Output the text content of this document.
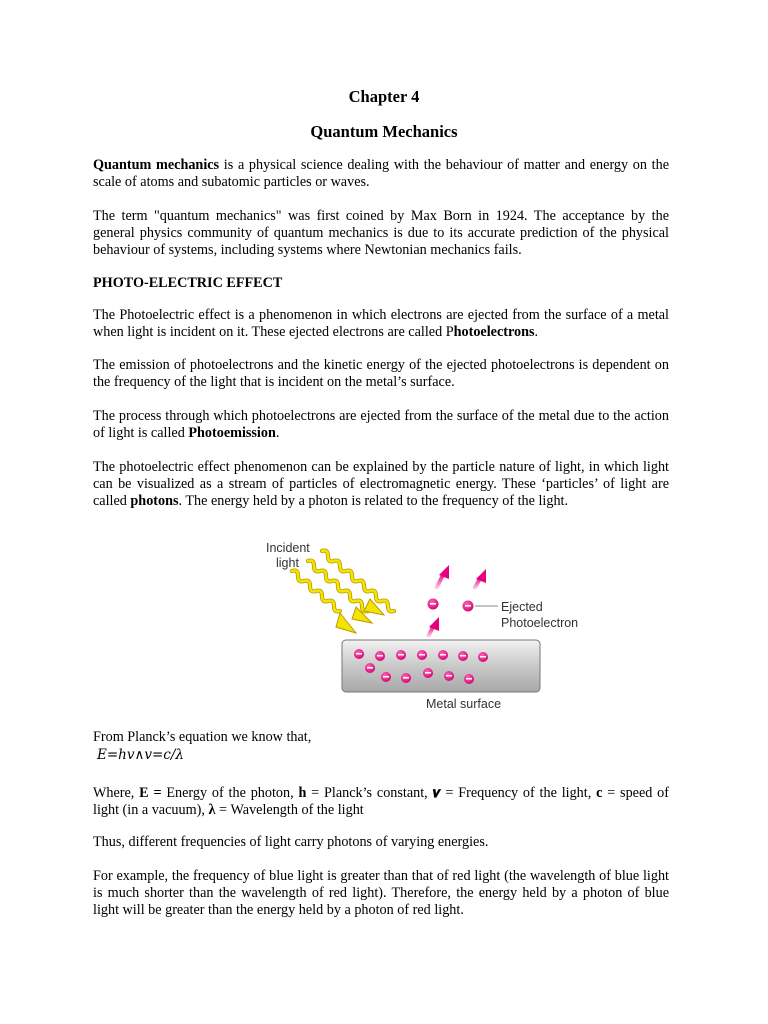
Chapter 4
Quantum Mechanics

Quantum mechanics is a physical science dealing with the behaviour of matter and energy on the scale of atoms and subatomic particles or waves.

The term "quantum mechanics" was first coined by Max Born in 1924. The acceptance by the general physics community of quantum mechanics is due to its accurate prediction of the physical behaviour of systems, including systems where Newtonian mechanics fails.

PHOTO-ELECTRIC EFFECT

The Photoelectric effect is a phenomenon in which electrons are ejected from the surface of a metal when light is incident on it. These ejected electrons are called Photoelectrons.

The emission of photoelectrons and the kinetic energy of the ejected photoelectrons is dependent on the frequency of the light that is incident on the metal’s surface.

The process through which photoelectrons are ejected from the surface of the metal due to the action of light is called Photoemission.

The photoelectric effect phenomenon can be explained by the particle nature of light, in which light can be visualized as a stream of particles of electromagnetic energy. These ‘particles’ of light are called photons. The energy held by a photon is related to the frequency of the light.

Incident
light
Ejected
Photoelectron
Metal surface

From Planck’s equation we know that,

E=hv∧v=c/λ

Where, E = Energy of the photon, h = Planck’s constant, 𝝂 = Frequency of the light, c = speed of light (in a vacuum), λ = Wavelength of the light

Thus, different frequencies of light carry photons of varying energies.

For example, the frequency of blue light is greater than that of red light (the wavelength of blue light is much shorter than the wavelength of red light). Therefore, the energy held by a photon of blue light will be greater than the energy held by a photon of red light.
